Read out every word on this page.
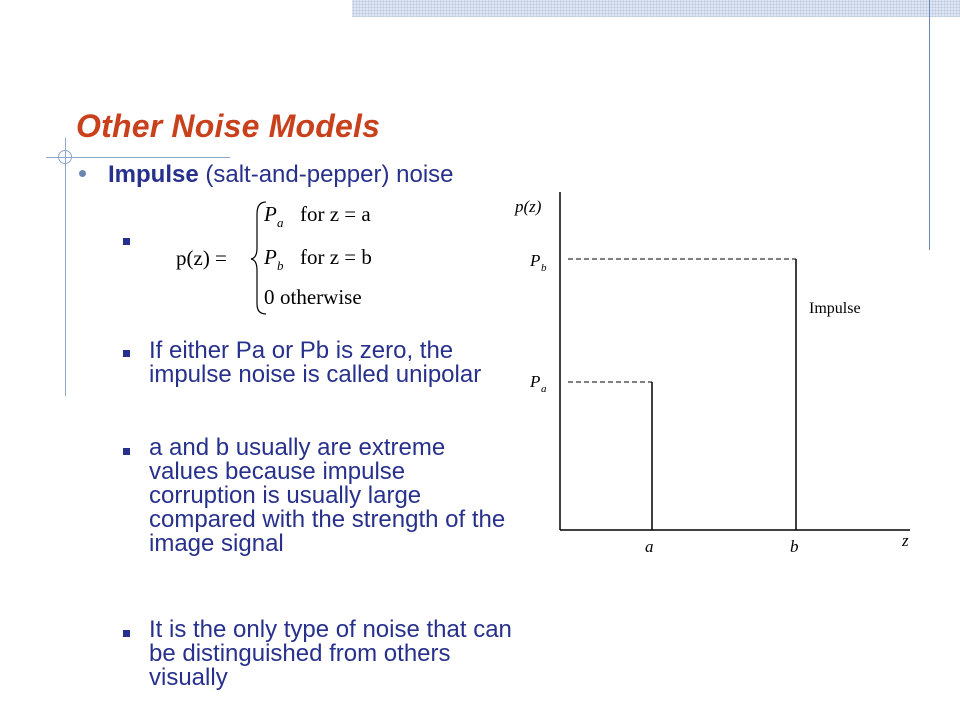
Other Noise Models

Impulse (salt-and-pepper) noise

p(z) =
P a for z = a
P b for z = b
0 otherwise

If either Pa or Pb is zero, the impulse noise is called unipolar

a and b usually are extreme values because impulse corruption is usually large compared with the strength of the image signal

It is the only type of noise that can be distinguished from others visually

p(z)
z
P b
P a
a	b
Impulse
